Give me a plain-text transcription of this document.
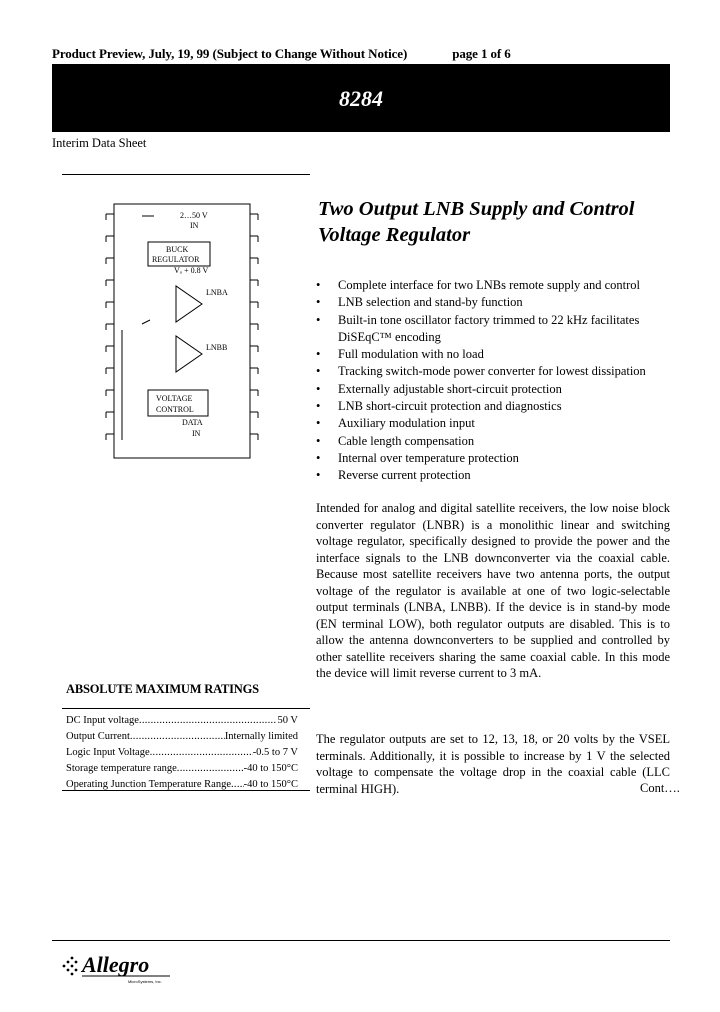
Product Preview, July, 19, 99 (Subject to Change Without Notice)	page 1 of 6
8284
Interim Data Sheet
2…50 V
IN
BUCK
REGULATOR
Vₒ + 0.8 V
LNBA
LNBB
VOLTAGE
CONTROL
DATA
IN
Two Output LNB Supply and Control Voltage Regulator
• Complete interface for two LNBs remote supply and control
• LNB selection and stand-by function
• Built-in tone oscillator factory trimmed to 22 kHz facilitates DiSEqC™ encoding
• Full modulation with no load
• Tracking switch-mode power converter for lowest dissipation
• Externally adjustable short-circuit protection
• LNB short-circuit protection and diagnostics
• Auxiliary modulation input
• Cable length compensation
• Internal over temperature protection
• Reverse current protection

Intended for analog and digital satellite receivers, the low noise block converter regulator (LNBR) is a monolithic linear and switching voltage regulator, specifically designed to provide the power and the interface signals to the LNB downconverter via the coaxial cable. Because most satellite receivers have two antenna ports, the output voltage of the regulator is available at one of two logic-selectable output terminals (LNBA, LNBB). If the device is in stand-by mode (EN terminal LOW), both regulator outputs are disabled. This is to allow the antenna downconverters to be supplied and controlled by other satellite receivers sharing the same coaxial cable. In this mode the device will limit reverse current to 3 mA.

The regulator outputs are set to 12, 13, 18, or 20 volts by the VSEL terminals. Additionally, it is possible to increase by 1 V the selected voltage to compensate the voltage drop in the coaxial cable (LLC terminal HIGH).	Cont….
ABSOLUTE MAXIMUM RATINGS
DC Input voltage .....	50 V
Output Current .....	Internally limited
Logic Input Voltage .....	-0.5 to 7 V
Storage temperature range .....	-40 to 150°C
Operating Junction Temperature Range ..... -40 to 150°C
Allegro
MicroSystems, Inc.
